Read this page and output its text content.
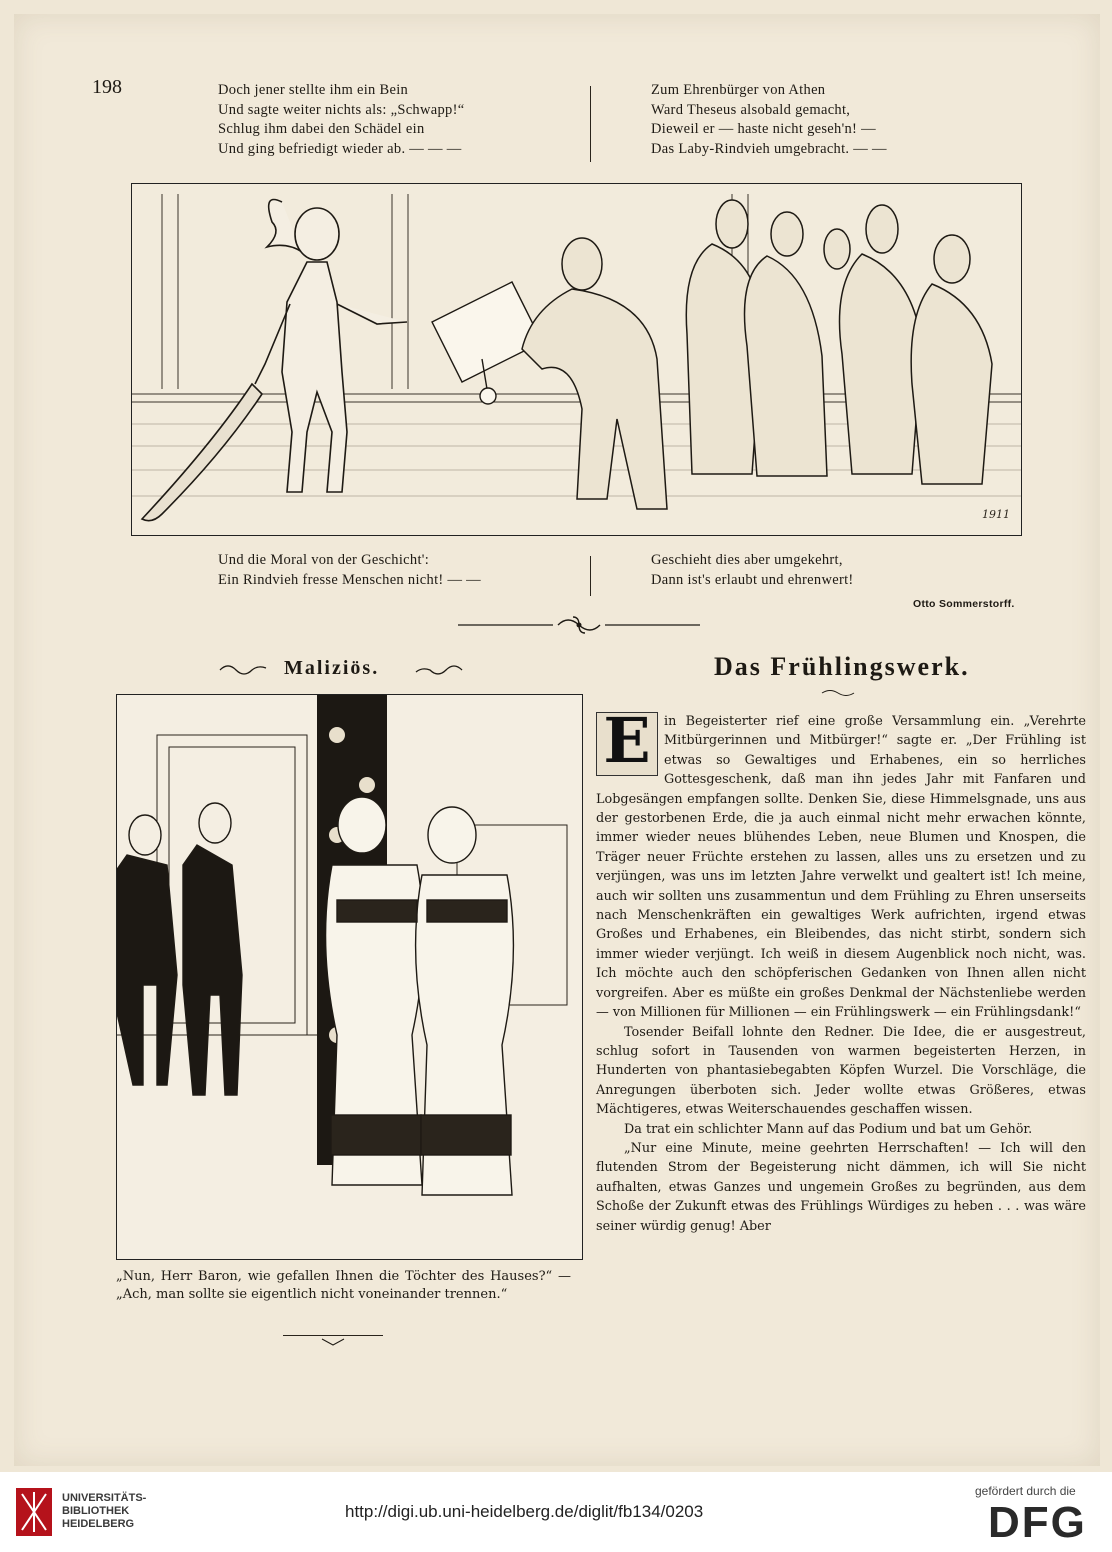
198	Doch jener stellte ihm ein Bein
Und sagte weiter nichts als: „Schwapp!“
Schlug ihm dabei den Schädel ein
Und ging befriedigt wieder ab. — — —
Zum Ehrenbürger von Athen
Ward Theseus alsobald gemacht,
Dieweil er — haste nicht geseh'n! —
Das Laby-Rindvieh umgebracht. — —
1911
Und die Moral von der Geschicht':
Ein Rindvieh fresse Menschen nicht! — —
Geschieht dies aber umgekehrt,
Dann ist's erlaubt und ehrenwert!
Otto Sommerstorff.
Maliziös.
„Nun, Herr Baron, wie gefallen Ihnen die Töchter des Hauses?“ — „Ach, man sollte sie eigentlich nicht voneinander trennen.“
Das Frühlingswerk.

E	in Begeisterter rief eine große Versammlung ein. „Verehrte Mitbürgerinnen und Mitbürger!“ sagte er. „Der Frühling ist etwas so Gewaltiges und Erhabenes, ein so herrliches Gottesgeschenk, daß man ihn jedes Jahr mit Fanfaren und Lobgesängen empfangen sollte. Denken Sie, diese Himmelsgnade, uns aus der gestorbenen Erde, die ja auch einmal nicht mehr erwachen könnte, immer wieder neues blühendes Leben, neue Blumen und Knospen, die Träger neuer Früchte erstehen zu lassen, alles uns zu ersetzen und zu verjüngen, was uns im letzten Jahre verwelkt und gealtert ist! Ich meine, auch wir sollten uns zusammentun und dem Frühling zu Ehren unserseits nach Menschenkräften ein gewaltiges Werk aufrichten, irgend etwas Großes und Erhabenes, ein Bleibendes, das nicht stirbt, sondern sich immer wieder verjüngt. Ich weiß in diesem Augenblick noch nicht, was. Ich möchte auch den schöpferischen Gedanken von Ihnen allen nicht vorgreifen. Aber es müßte ein großes Denkmal der Nächstenliebe werden — von Millionen für Millionen — ein Frühlingswerk — ein Frühlingsdank!“

Tosender Beifall lohnte den Redner. Die Idee, die er ausgestreut, schlug sofort in Tausenden von warmen begeisterten Herzen, in Hunderten von phantasiebegabten Köpfen Wurzel. Die Vorschläge, die Anregungen überboten sich. Jeder wollte etwas Größeres, etwas Mächtigeres, etwas Weiterschauendes geschaffen wissen.

Da trat ein schlichter Mann auf das Podium und bat um Gehör.

„Nur eine Minute, meine geehrten Herrschaften! — Ich will den flutenden Strom der Begeisterung nicht dämmen, ich will Sie nicht aufhalten, etwas Ganzes und ungemein Großes zu begründen, aus dem Schoße der Zukunft etwas des Frühlings Würdiges zu heben . . . was wäre seiner würdig genug! Aber

UNIVERSITÄTS-
BIBLIOTHEK
HEIDELBERG
http://digi.ub.uni-heidelberg.de/diglit/fb134/0203
gefördert durch die
DFG
